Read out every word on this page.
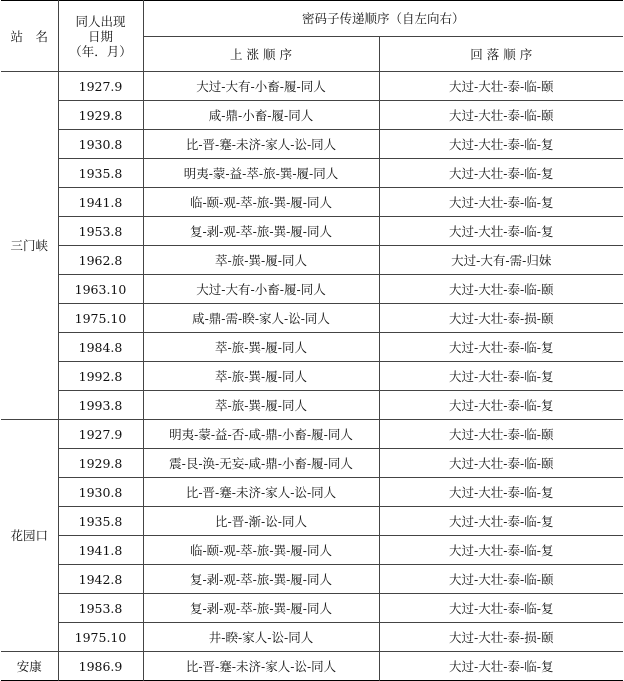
站　名	同人出现
日期
（年．月）	密码子传递顺序（自左向右）	
		上 涨 顺 序	回 落 顺 序
三门峡	1927.9	大过-大有-小畜-履-同人	大过-大壮-泰-临-颐
	1929.8	咸-鼎-小畜-履-同人	大过-大壮-泰-临-颐
	1930.8	比-晋-蹇-未济-家人-讼-同人	大过-大壮-泰-临-复
	1935.8	明夷-蒙-益-萃-旅-巽-履-同人	大过-大壮-泰-临-复
	1941.8	临-颐-观-萃-旅-巽-履-同人	大过-大壮-泰-临-复
	1953.8	复-剥-观-萃-旅-巽-履-同人	大过-大壮-泰-临-复
	1962.8	萃-旅-巽-履-同人	大过-大有-需-归妹
	1963.10	大过-大有-小畜-履-同人	大过-大壮-泰-临-颐
	1975.10	咸-鼎-需-睽-家人-讼-同人	大过-大壮-泰-损-颐
	1984.8	萃-旅-巽-履-同人	大过-大壮-泰-临-复
	1992.8	萃-旅-巽-履-同人	大过-大壮-泰-临-复
	1993.8	萃-旅-巽-履-同人	大过-大壮-泰-临-复
花园口	1927.9	明夷-蒙-益-否-咸-鼎-小畜-履-同人	大过-大壮-泰-临-颐
	1929.8	震-艮-涣-无妄-咸-鼎-小畜-履-同人	大过-大壮-泰-临-颐
	1930.8	比-晋-蹇-未济-家人-讼-同人	大过-大壮-泰-临-复
	1935.8	比-晋-渐-讼-同人	大过-大壮-泰-临-复
	1941.8	临-颐-观-萃-旅-巽-履-同人	大过-大壮-泰-临-复
	1942.8	复-剥-观-萃-旅-巽-履-同人	大过-大壮-泰-临-颐
	1953.8	复-剥-观-萃-旅-巽-履-同人	大过-大壮-泰-临-复
	1975.10	井-睽-家人-讼-同人	大过-大壮-泰-损-颐
安康	1986.9	比-晋-蹇-未济-家人-讼-同人	大过-大壮-泰-临-复
